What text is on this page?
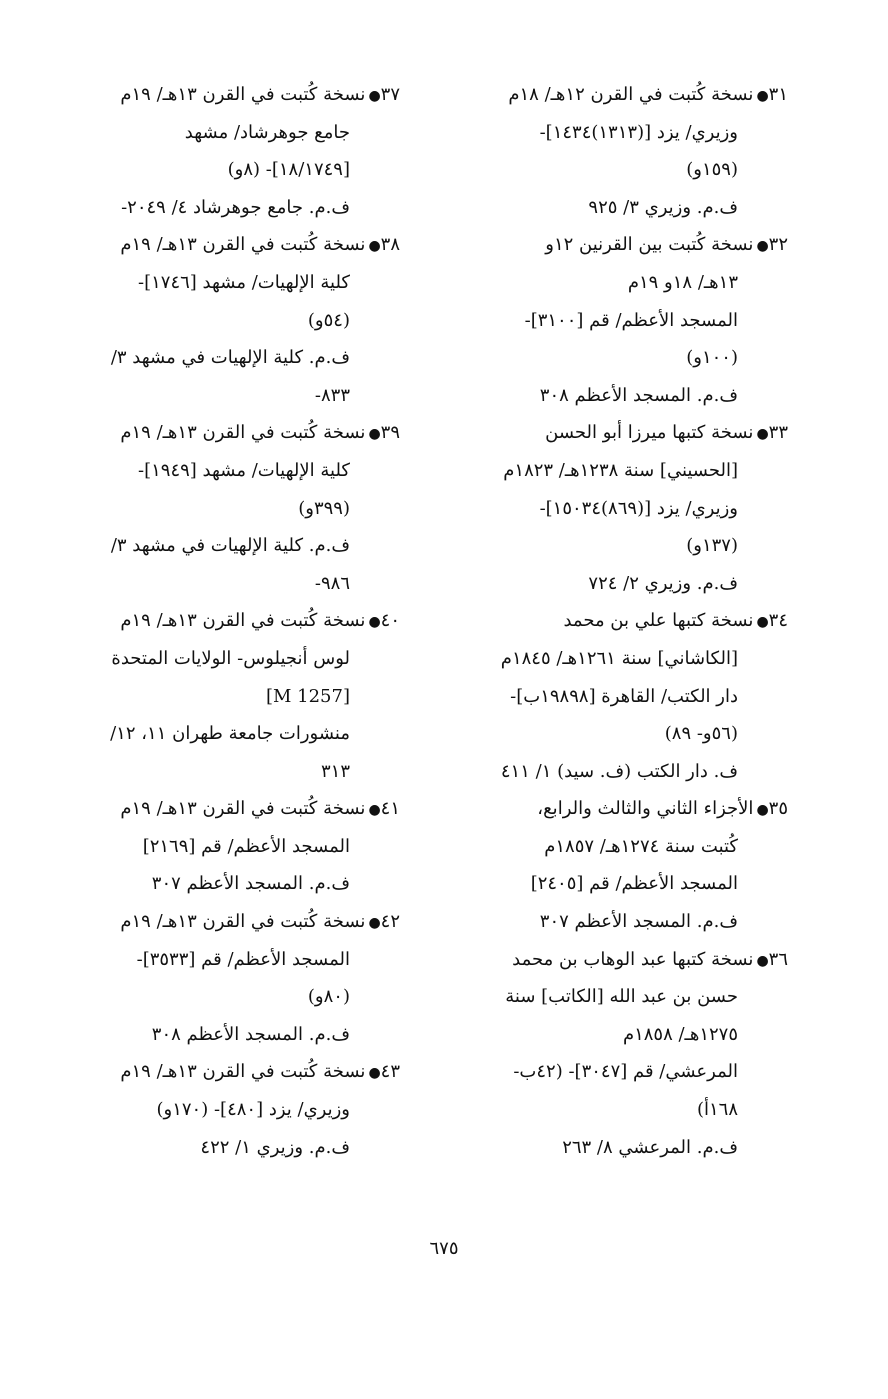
٣١●نسخة كُتبت في القرن ١٢هـ/ ١٨م
وزيري/ يزد [(١٣١٣)١٤٣٤]-
(١٥٩و)
ف.م. وزيري ٣/ ٩٢٥
٣٢●نسخة كُتبت بين القرنين ١٢و
١٣هـ/ ١٨و ١٩م
المسجد الأعظم/ قم [٣١٠٠]-
(١٠٠و)
ف.م. المسجد الأعظم ٣٠٨
٣٣●نسخة كتبها ميرزا أبو الحسن
[الحسيني] سنة ١٢٣٨هـ/ ١٨٢٣م
وزيري/ يزد [(٨٦٩)١٥٠٣٤]-
(١٣٧و)
ف.م. وزيري ٢/ ٧٢٤
٣٤●نسخة كتبها علي بن محمد
[الكاشاني] سنة ١٢٦١هـ/ ١٨٤٥م
دار الكتب/ القاهرة [١٩٨٩٨ب]-
(٥٦و- ٨٩)
ف. دار الكتب (ف. سيد) ١/ ٤١١
٣٥●الأجزاء الثاني والثالث والرابع،
كُتبت سنة ١٢٧٤هـ/ ١٨٥٧م
المسجد الأعظم/ قم [٢٤٠٥]
ف.م. المسجد الأعظم ٣٠٧
٣٦●نسخة كتبها عبد الوهاب بن محمد
حسن بن عبد الله [الكاتب] سنة
١٢٧٥هـ/ ١٨٥٨م
المرعشي/ قم [٣٠٤٧]- (٤٢ب-
١٦٨أ)
ف.م. المرعشي ٨/ ٢٦٣
٣٧●نسخة كُتبت في القرن ١٣هـ/ ١٩م
جامع جوهرشاد/ مشهد
[١٨/١٧٤٩]- (٨و)
ف.م. جامع جوهرشاد ٤/ ٢٠٤٩-
٣٨●نسخة كُتبت في القرن ١٣هـ/ ١٩م
كلية الإلهيات/ مشهد [١٧٤٦]-
(٥٤و)
ف.م. كلية الإلهيات في مشهد ٣/
٨٣٣-
٣٩●نسخة كُتبت في القرن ١٣هـ/ ١٩م
كلية الإلهيات/ مشهد [١٩٤٩]-
(٣٩٩و)
ف.م. كلية الإلهيات في مشهد ٣/
٩٨٦-
٤٠●نسخة كُتبت في القرن ١٣هـ/ ١٩م
لوس أنجيلوس- الولايات المتحدة
[M 1257]
منشورات جامعة طهران ١١، ١٢/
٣١٣
٤١●نسخة كُتبت في القرن ١٣هـ/ ١٩م
المسجد الأعظم/ قم [٢١٦٩]
ف.م. المسجد الأعظم ٣٠٧
٤٢●نسخة كُتبت في القرن ١٣هـ/ ١٩م
المسجد الأعظم/ قم [٣٥٣٣]-
(٨٠و)
ف.م. المسجد الأعظم ٣٠٨
٤٣●نسخة كُتبت في القرن ١٣هـ/ ١٩م
وزيري/ يزد [٤٨٠]- (١٧٠و)
ف.م. وزيري ١/ ٤٢٢
٦٧٥
